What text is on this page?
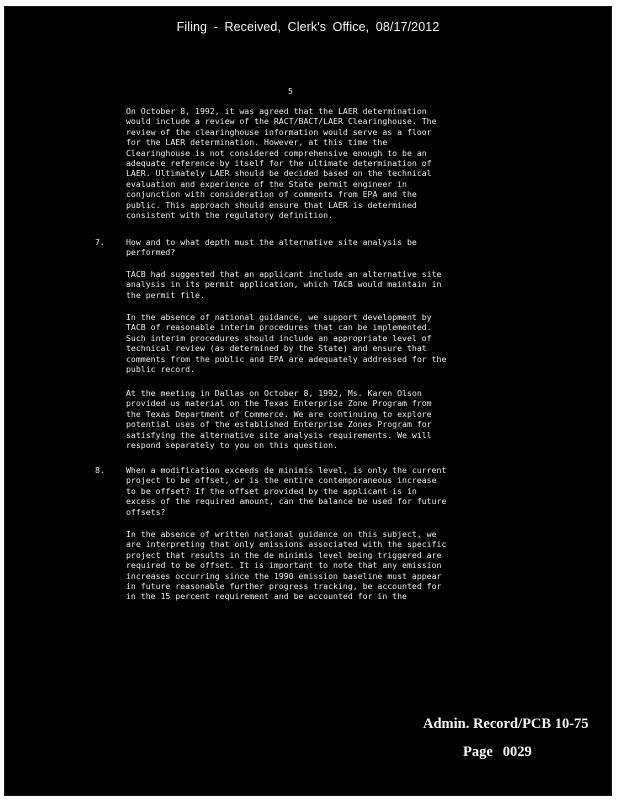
Filing - Received, Clerk's Office, 08/17/2012
5

On October 8, 1992, it was agreed that the LAER determination
would include a review of the RACT/BACT/LAER Clearinghouse. The
review of the clearinghouse information would serve as a floor
for the LAER determination. However, at this time the
Clearinghouse is not considered comprehensive enough to be an
adequate reference by itself for the ultimate determination of
LAER. Ultimately LAER should be decided based on the technical
evaluation and experience of the State permit engineer in
conjunction with consideration of comments from EPA and the
public. This approach should ensure that LAER is determined
consistent with the regulatory definition.

7.	How and to what depth must the alternative site analysis be
performed?

TACB had suggested that an applicant include an alternative site
analysis in its permit application, which TACB would maintain in
the permit file.

In the absence of national guidance, we support development by
TACB of reasonable interim procedures that can be implemented.
Such interim procedures should include an appropriate level of
technical review (as determined by the State) and ensure that
comments from the public and EPA are adequately addressed for the
public record.

At the meeting in Dallas on October 8, 1992, Ms. Karen Olson
provided us material on the Texas Enterprise Zone Program from
the Texas Department of Commerce. We are continuing to explore
potential uses of the established Enterprise Zones Program for
satisfying the alternative site analysis requirements. We will
respond separately to you on this question.

8.	When a modification exceeds de minimis level, is only the current
project to be offset, or is the entire contemporaneous increase
to be offset? If the offset provided by the applicant is in
excess of the required amount, can the balance be used for future
offsets?

In the absence of written national guidance on this subject, we
are interpreting that only emissions associated with the specific
project that results in the de minimis level being triggered are
required to be offset. It is important to note that any emission
increases occurring since the 1990 emission baseline must appear
in future reasonable further progress tracking, be accounted for
in the 15 percent requirement and be accounted for in the

Admin. Record/PCB 10-75
Page 0029
